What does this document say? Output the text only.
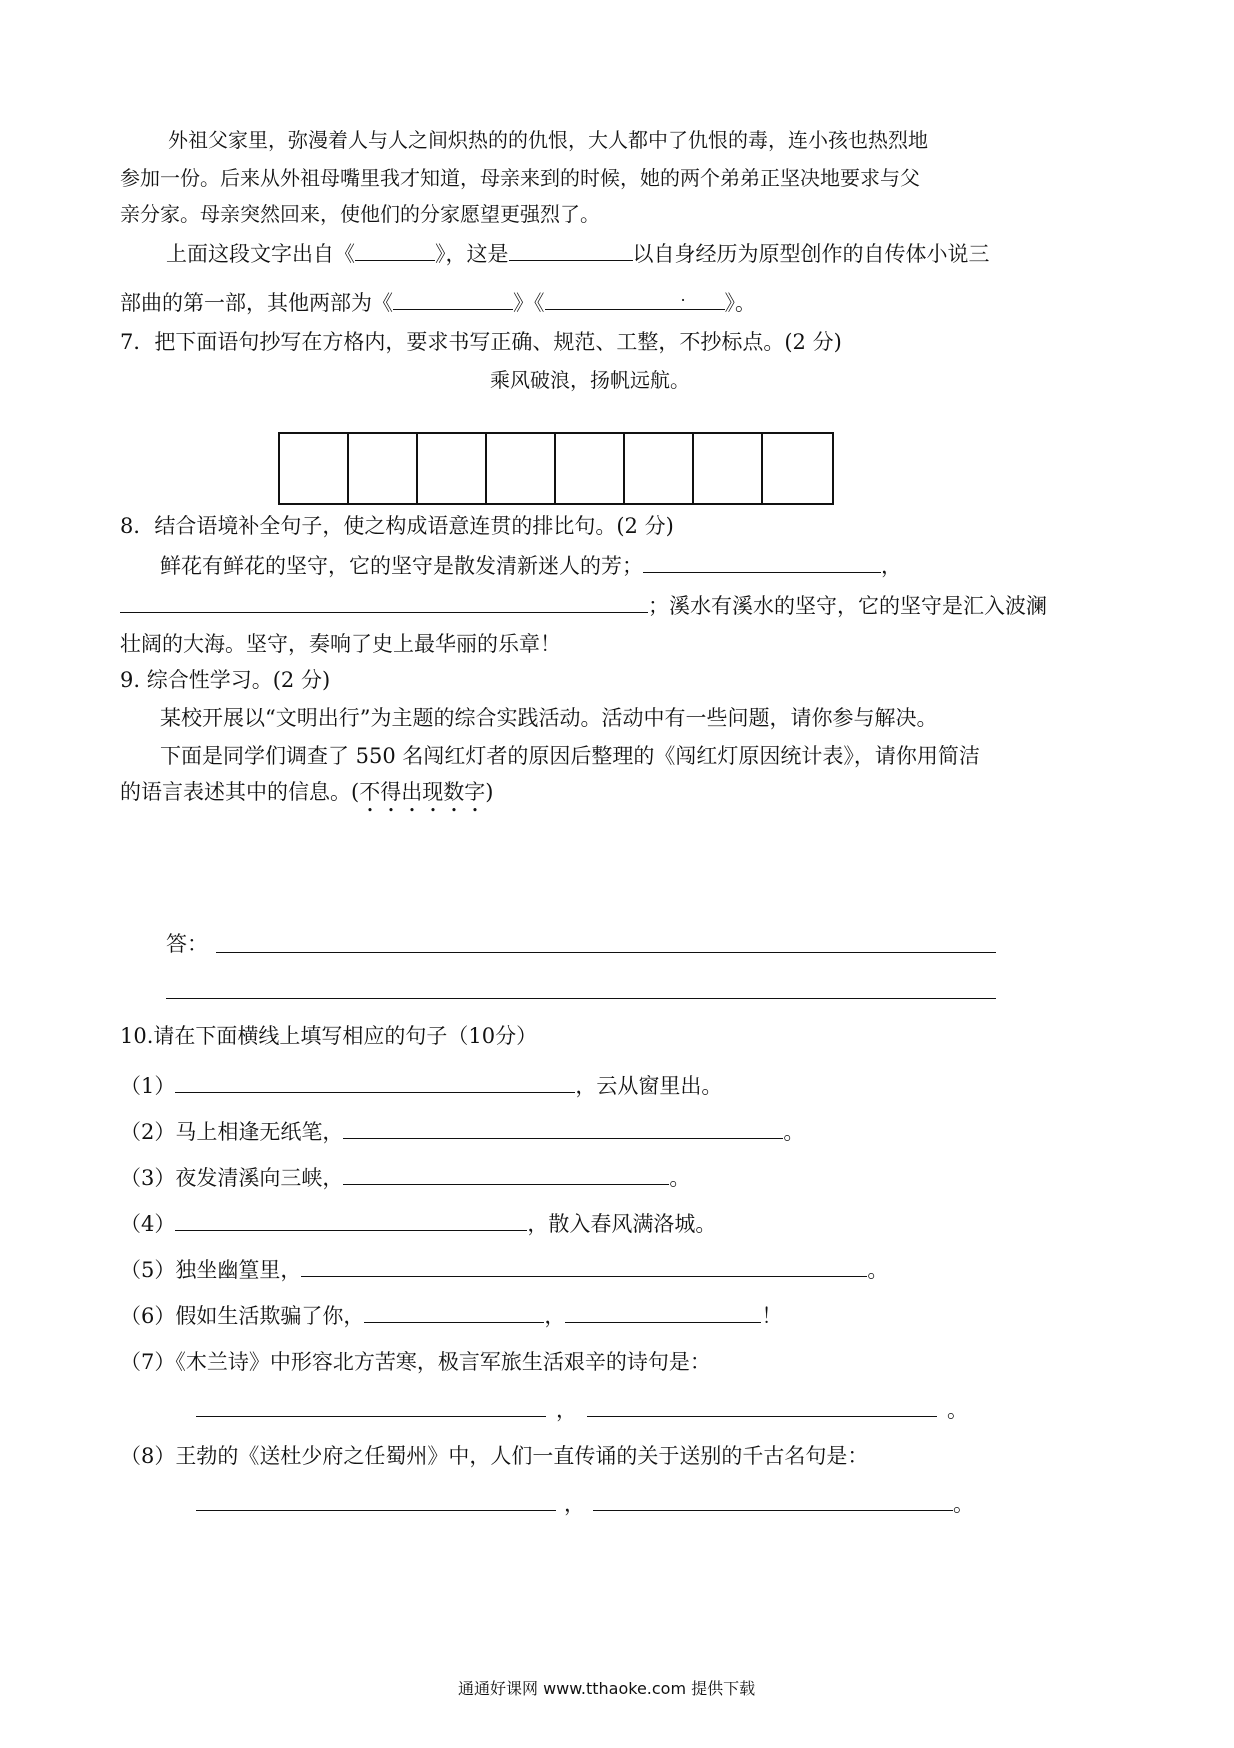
外祖父家里，弥漫着人与人之间炽热的的仇恨，大人都中了仇恨的毒，连小孩也热烈地
参加一份。后来从外祖母嘴里我才知道，母亲来到的时候，她的两个弟弟正坚决地要求与父
亲分家。母亲突然回来，使他们的分家愿望更强烈了。
上面这段文字出自《	》，这是	以自身经历为原型创作的自传体小说三
部曲的第一部，其他两部为《	》《	. 》。
7．把下面语句抄写在方格内，要求书写正确、规范、工整，不抄标点。(2 分)
乘风破浪，扬帆远航。
8．结合语境补全句子，使之构成语意连贯的排比句。(2 分)
鲜花有鲜花的坚守，它的坚守是散发清新迷人的芳；	，
；溪水有溪水的坚守，它的坚守是汇入波澜
壮阔的大海。坚守，奏响了史上最华丽的乐章！
9. 综合性学习。(2 分)
某校开展以“文明出行”为主题的综合实践活动。活动中有一些问题，请你参与解决。
下面是同学们调查了 550 名闯红灯者的原因后整理的《闯红灯原因统计表》，请你用简洁
的语言表述其中的信息。(不得出现数字)
答：
10.请在下面横线上填写相应的句子（10分）
（1）	，云从窗里出。
（2）马上相逢无纸笔，	。
（3）夜发清溪向三峡，	。
（4）	，散入春风满洛城。
（5）独坐幽篁里，	。
（6）假如生活欺骗了你，	，	！
（7）《木兰诗》中形容北方苦寒，极言军旅生活艰辛的诗句是：
，	。
（8）王勃的《送杜少府之任蜀州》中，人们一直传诵的关于送别的千古名句是：
，	。
通通好课网 www.tthaoke.com 提供下载
